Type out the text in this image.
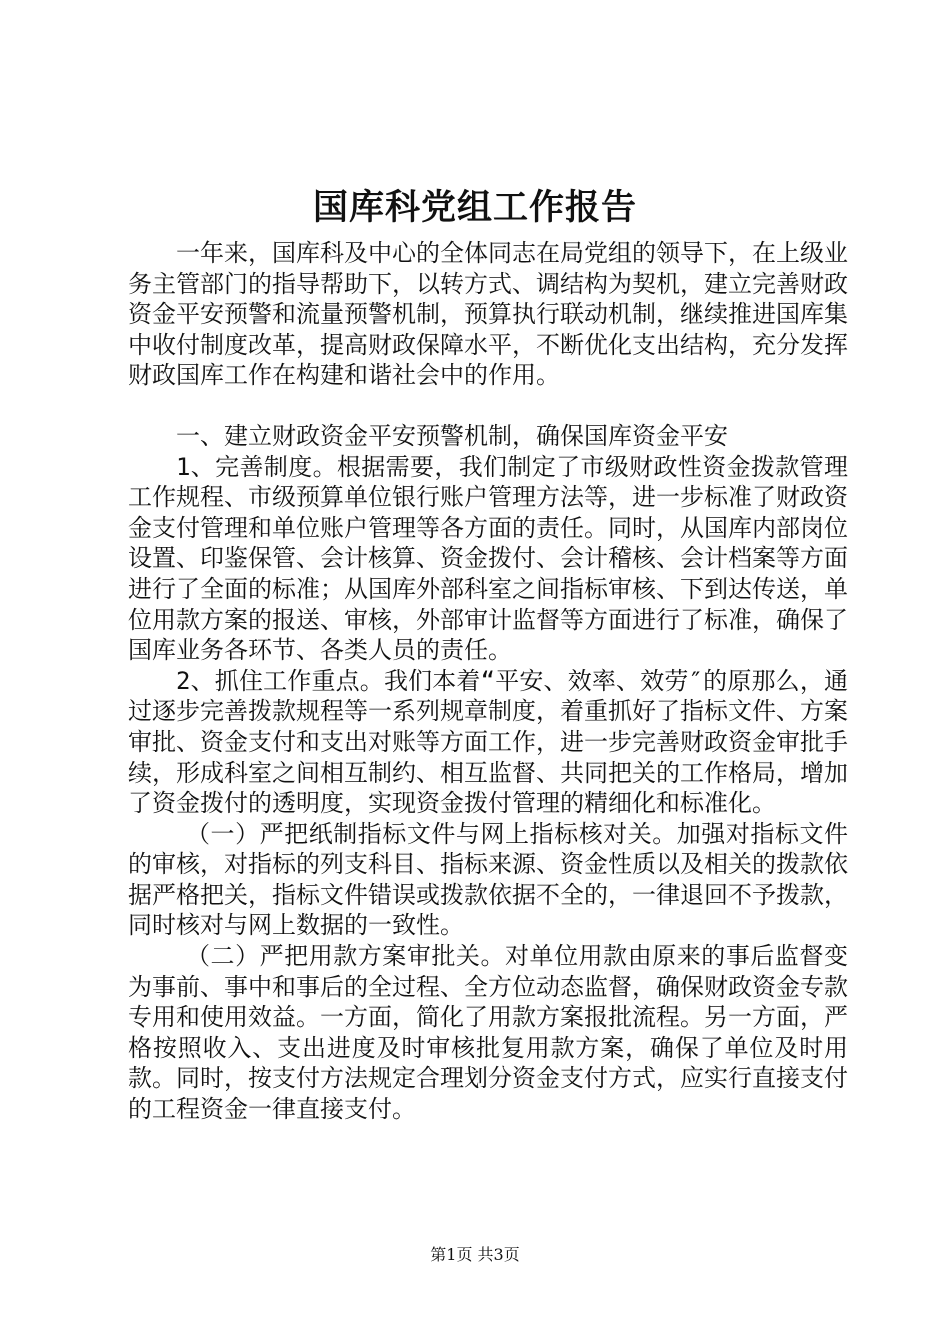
国库科党组工作报告

一年来，国库科及中心的全体同志在局党组的领导下，在上级业务主管部门的指导帮助下，以转方式、调结构为契机，建立完善财政资金平安预警和流量预警机制，预算执行联动机制，继续推进国库集中收付制度改革，提高财政保障水平，不断优化支出结构，充分发挥财政国库工作在构建和谐社会中的作用。

一、建立财政资金平安预警机制，确保国库资金平安

1、完善制度。根据需要，我们制定了市级财政性资金拨款管理工作规程、市级预算单位银行账户管理方法等，进一步标准了财政资金支付管理和单位账户管理等各方面的责任。同时，从国库内部岗位设置、印鉴保管、会计核算、资金拨付、会计稽核、会计档案等方面进行了全面的标准；从国库外部科室之间指标审核、下到达传送，单位用款方案的报送、审核，外部审计监督等方面进行了标准，确保了国库业务各环节、各类人员的责任。

2、抓住工作重点。我们本着“平安、效率、效劳″的原那么，通过逐步完善拨款规程等一系列规章制度，着重抓好了指标文件、方案审批、资金支付和支出对账等方面工作，进一步完善财政资金审批手续，形成科室之间相互制约、相互监督、共同把关的工作格局，增加了资金拨付的透明度，实现资金拨付管理的精细化和标准化。

（一）严把纸制指标文件与网上指标核对关。加强对指标文件的审核，对指标的列支科目、指标来源、资金性质以及相关的拨款依据严格把关，指标文件错误或拨款依据不全的，一律退回不予拨款，同时核对与网上数据的一致性。

（二）严把用款方案审批关。对单位用款由原来的事后监督变为事前、事中和事后的全过程、全方位动态监督，确保财政资金专款专用和使用效益。一方面，简化了用款方案报批流程。另一方面，严格按照收入、支出进度及时审核批复用款方案，确保了单位及时用款。同时，按支付方法规定合理划分资金支付方式，应实行直接支付的工程资金一律直接支付。

第1页 共3页
